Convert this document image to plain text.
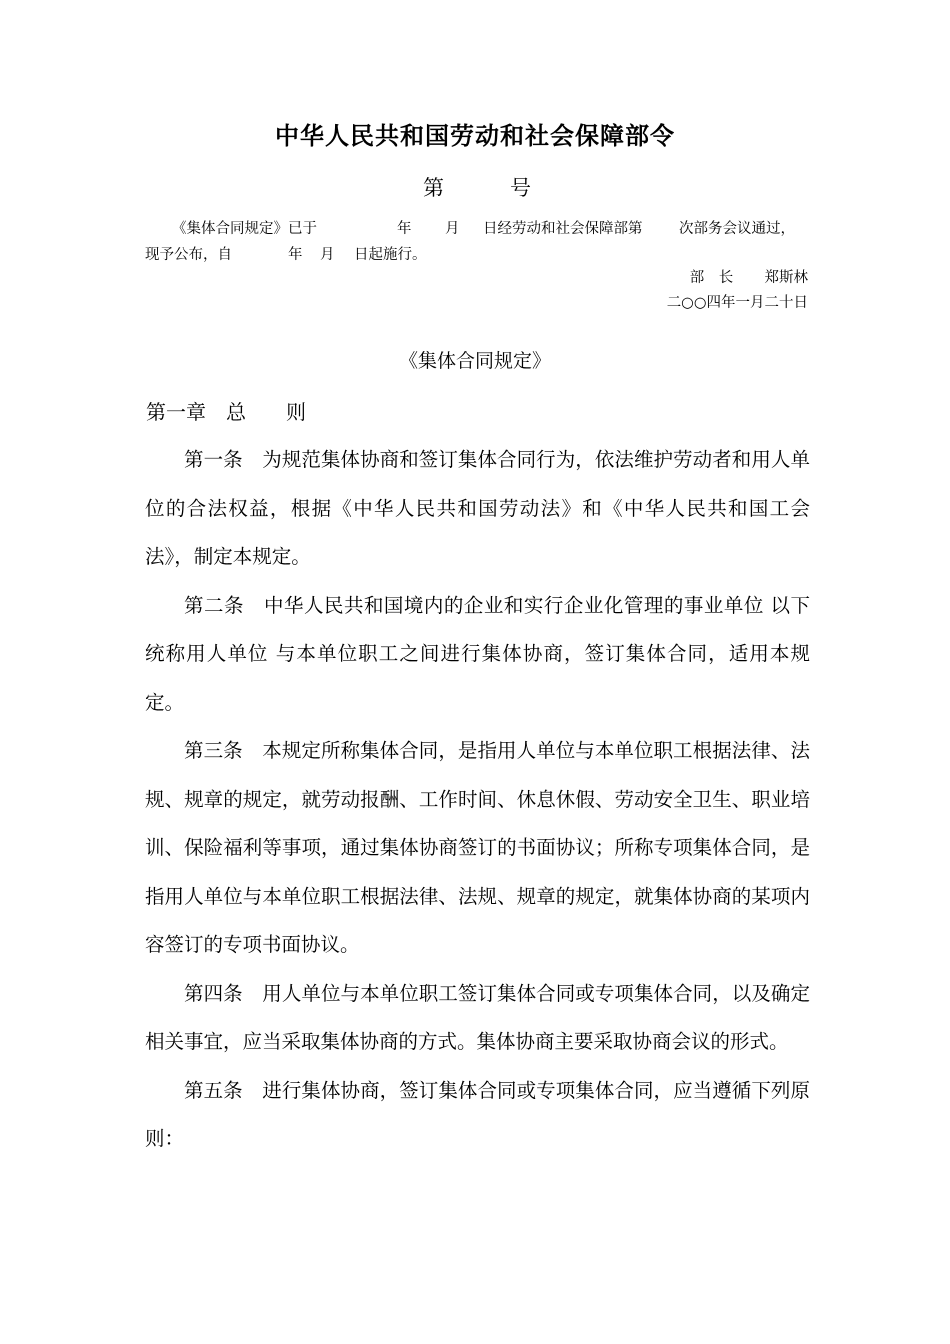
中华人民共和国劳动和社会保障部令
第	号
《集体合同规定》已于	年 月 日经劳动和社会保障部第	次部务会议通过，
现予公布，自	年 月 日起施行。
部　长 郑斯林
二○○四年一月二十日
《集体合同规定》
第一章　总　　则

第一条　为规范集体协商和签订集体合同行为，依法维护劳动者和用人单位的合法权益，根据《中华人民共和国劳动法》和《中华人民共和国工会法》，制定本规定。

第二条　中华人民共和国境内的企业和实行企业化管理的事业单位 以下统称用人单位 与本单位职工之间进行集体协商，签订集体合同，适用本规定。

第三条　本规定所称集体合同，是指用人单位与本单位职工根据法律、法规、规章的规定，就劳动报酬、工作时间、休息休假、劳动安全卫生、职业培训、保险福利等事项，通过集体协商签订的书面协议；所称专项集体合同，是指用人单位与本单位职工根据法律、法规、规章的规定，就集体协商的某项内容签订的专项书面协议。

第四条　用人单位与本单位职工签订集体合同或专项集体合同，以及确定相关事宜，应当采取集体协商的方式。集体协商主要采取协商会议的形式。

第五条　进行集体协商，签订集体合同或专项集体合同，应当遵循下列原则：
